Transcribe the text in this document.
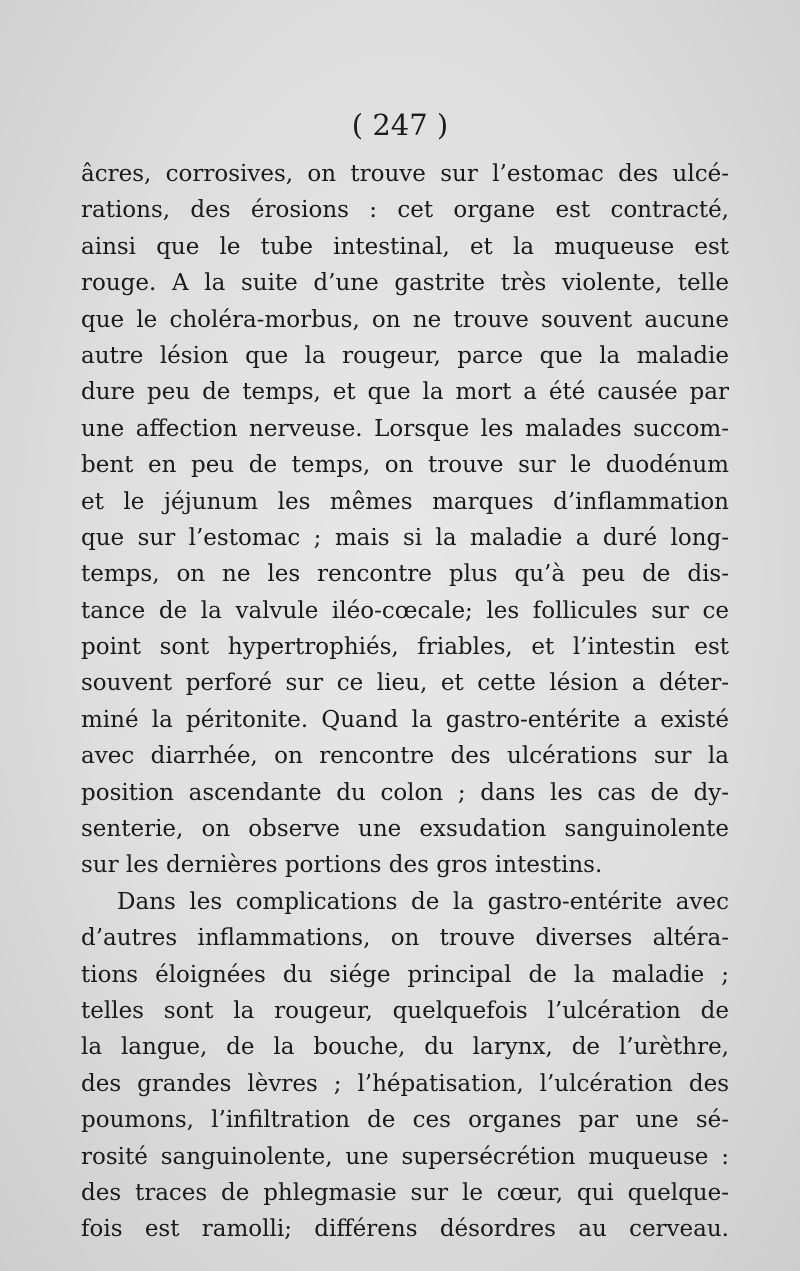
( 247 )
âcres, corrosives, on trouve sur l’estomac des ulcé-
rations, des érosions : cet organe est contracté,
ainsi que le tube intestinal, et la muqueuse est
rouge. A la suite d’une gastrite très violente, telle
que le choléra-morbus, on ne trouve souvent aucune
autre lésion que la rougeur, parce que la maladie
dure peu de temps, et que la mort a été causée par
une affection nerveuse. Lorsque les malades succom-
bent en peu de temps, on trouve sur le duodénum
et le jéjunum les mêmes marques d’inflammation
que sur l’estomac ; mais si la maladie a duré long-
temps, on ne les rencontre plus qu’à peu de dis-
tance de la valvule iléo-cœcale; les follicules sur ce
point sont hypertrophiés, friables, et l’intestin est
souvent perforé sur ce lieu, et cette lésion a déter-
miné la péritonite. Quand la gastro-entérite a existé
avec diarrhée, on rencontre des ulcérations sur la
position ascendante du colon ; dans les cas de dy-
senterie, on observe une exsudation sanguinolente
sur les dernières portions des gros intestins.
Dans les complications de la gastro-entérite avec
d’autres inflammations, on trouve diverses altéra-
tions éloignées du siége principal de la maladie ;
telles sont la rougeur, quelquefois l’ulcération de
la langue, de la bouche, du larynx, de l’urèthre,
des grandes lèvres ; l’hépatisation, l’ulcération des
poumons, l’infiltration de ces organes par une sé-
rosité sanguinolente, une supersécrétion muqueuse :
des traces de phlegmasie sur le cœur, qui quelque-
fois est ramolli; différens désordres au cerveau.
